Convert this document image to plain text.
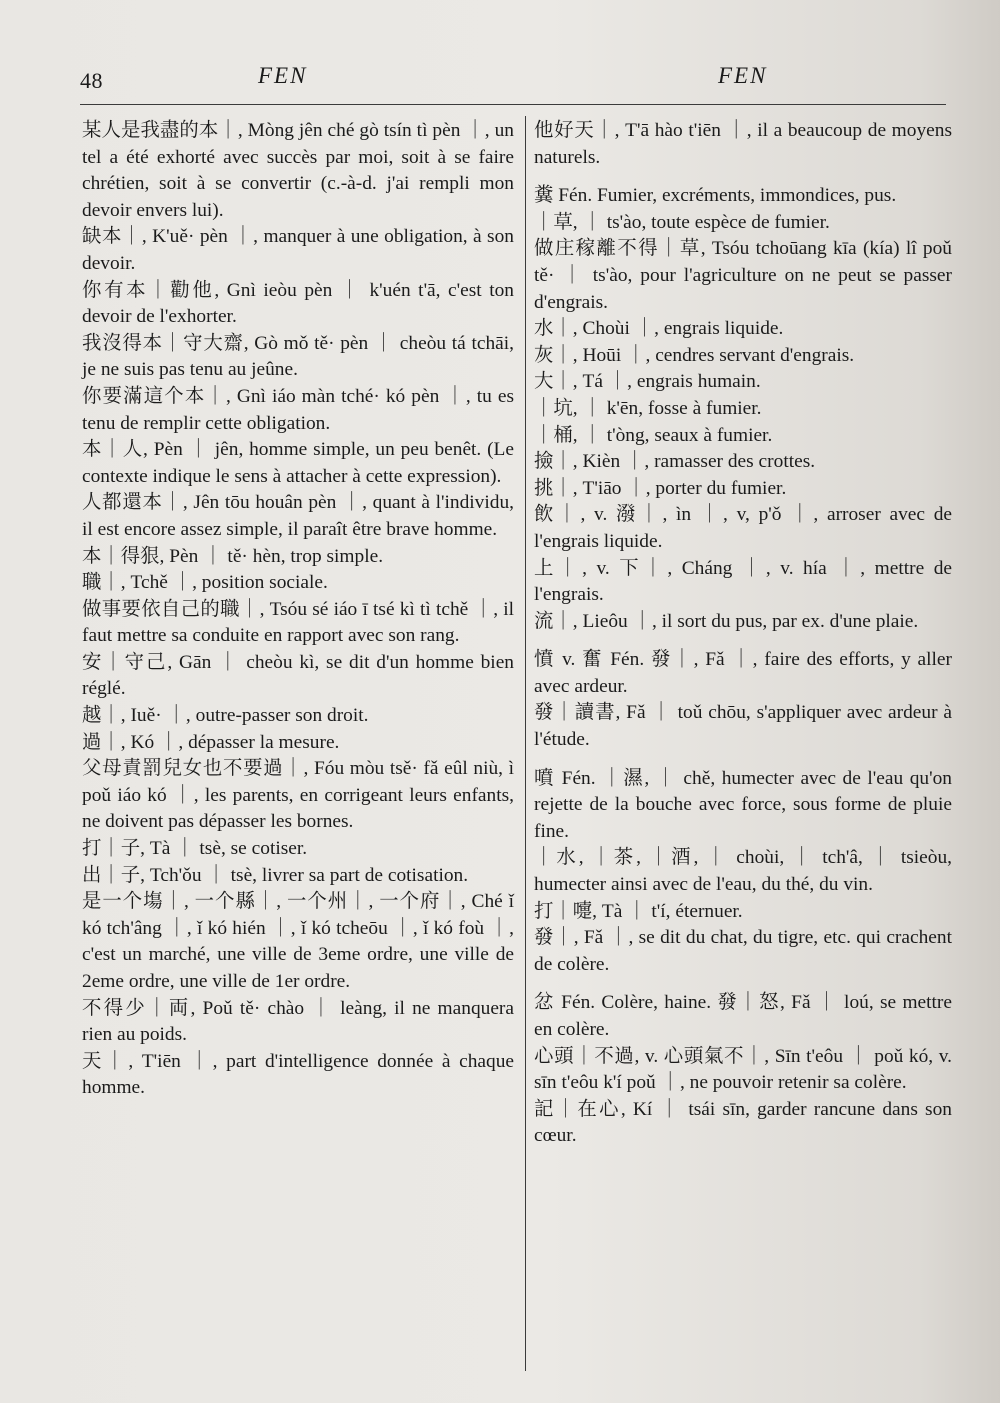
48	FEN	FEN

某人是我盡的本｜, Mòng jên ché gò tsín tì pèn ｜, un tel a été exhorté avec succès par moi, soit à se faire chrétien, soit à se convertir (c.-à-d. j'ai rempli mon devoir envers lui).

缺本｜, K'uě· pèn ｜, manquer à une obligation, à son devoir.

你有本｜勸他, Gnì ieòu pèn ｜ k'uén t'ā, c'est ton devoir de l'exhorter.

我沒得本｜守大齋, Gò mǒ tě· pèn ｜ cheòu tá tchāi, je ne suis pas tenu au jeûne.

你要滿這个本｜, Gnì iáo màn tché· kó pèn ｜, tu es tenu de remplir cette obligation.

本｜人, Pèn ｜ jên, homme simple, un peu benêt. (Le contexte indique le sens à attacher à cette expression).

人都還本｜, Jên tōu houân pèn ｜, quant à l'individu, il est encore assez simple, il paraît être brave homme.

本｜得狠, Pèn ｜ tě· hèn, trop simple.

職｜, Tchě ｜, position sociale.

做事要依自己的職｜, Tsóu sé iáo ī tsé kì tì tchě ｜, il faut mettre sa conduite en rapport avec son rang.

安｜守己, Gān ｜ cheòu kì, se dit d'un homme bien réglé.

越｜, Iuě· ｜, outre-passer son droit.

過｜, Kó ｜, dépasser la mesure.

父母責罰兒女也不要過｜, Fóu mòu tsě· fǎ eûl niù, ì poǔ iáo kó ｜, les parents, en corrigeant leurs enfants, ne doivent pas dépasser les bornes.

打｜子, Tà ｜ tsè, se cotiser.

出｜子, Tch'ǒu ｜ tsè, livrer sa part de cotisation.

是一个塲｜, 一个縣｜, 一个州｜, 一个府｜, Ché ǐ kó tch'âng ｜, ǐ kó hién ｜, ǐ kó tcheōu ｜, ǐ kó foù ｜, c'est un marché, une ville de 3eme ordre, une ville de 2eme ordre, une ville de 1er ordre.

不得少｜両, Poǔ tě· chào ｜ leàng, il ne manquera rien au poids.

天｜, T'iēn ｜, part d'intelligence donnée à chaque homme.

他好天｜, T'ā hào t'iēn ｜, il a beaucoup de moyens naturels.

糞 Fén. Fumier, excréments, immondices, pus.

｜草, ｜ ts'ào, toute espèce de fumier.

做庄稼離不得｜草, Tsóu tchoūang kīa (kía) lî poǔ tě· ｜ ts'ào, pour l'agriculture on ne peut se passer d'engrais.

水｜, Choùi ｜, engrais liquide.

灰｜, Hoūi ｜, cendres servant d'engrais.

大｜, Tá ｜, engrais humain.

｜坑, ｜ k'ēn, fosse à fumier.

｜桶, ｜ t'òng, seaux à fumier.

撿｜, Kièn ｜, ramasser des crottes.

挑｜, T'iāo ｜, porter du fumier.

飲｜, v. 潑｜, ìn ｜, v, p'ǒ ｜, arroser avec de l'engrais liquide.

上｜, v. 下｜, Cháng ｜, v. hía ｜, mettre de l'engrais.

流｜, Lieôu ｜, il sort du pus, par ex. d'une plaie.

憤 v. 奮 Fén. 發｜, Fǎ ｜, faire des efforts, y aller avec ardeur.

發｜讀書, Fǎ ｜ toǔ chōu, s'appliquer avec ardeur à l'étude.

噴 Fén. ｜濕, ｜ chě, humecter avec de l'eau qu'on rejette de la bouche avec force, sous forme de pluie fine.

｜水, ｜茶, ｜酒, ｜ choùi, ｜ tch'â, ｜ tsieòu, humecter ainsi avec de l'eau, du thé, du vin.

打｜嚏, Tà ｜ t'í, éternuer.

發｜, Fǎ ｜, se dit du chat, du tigre, etc. qui crachent de colère.

忿 Fén. Colère, haine. 發｜怒, Fǎ ｜ loú, se mettre en colère.

心頭｜不過, v. 心頭氣不｜, Sīn t'eôu ｜ poǔ kó, v. sīn t'eôu k'í poǔ ｜, ne pouvoir retenir sa colère.

記｜在心, Kí ｜ tsái sīn, garder rancune dans son cœur.
